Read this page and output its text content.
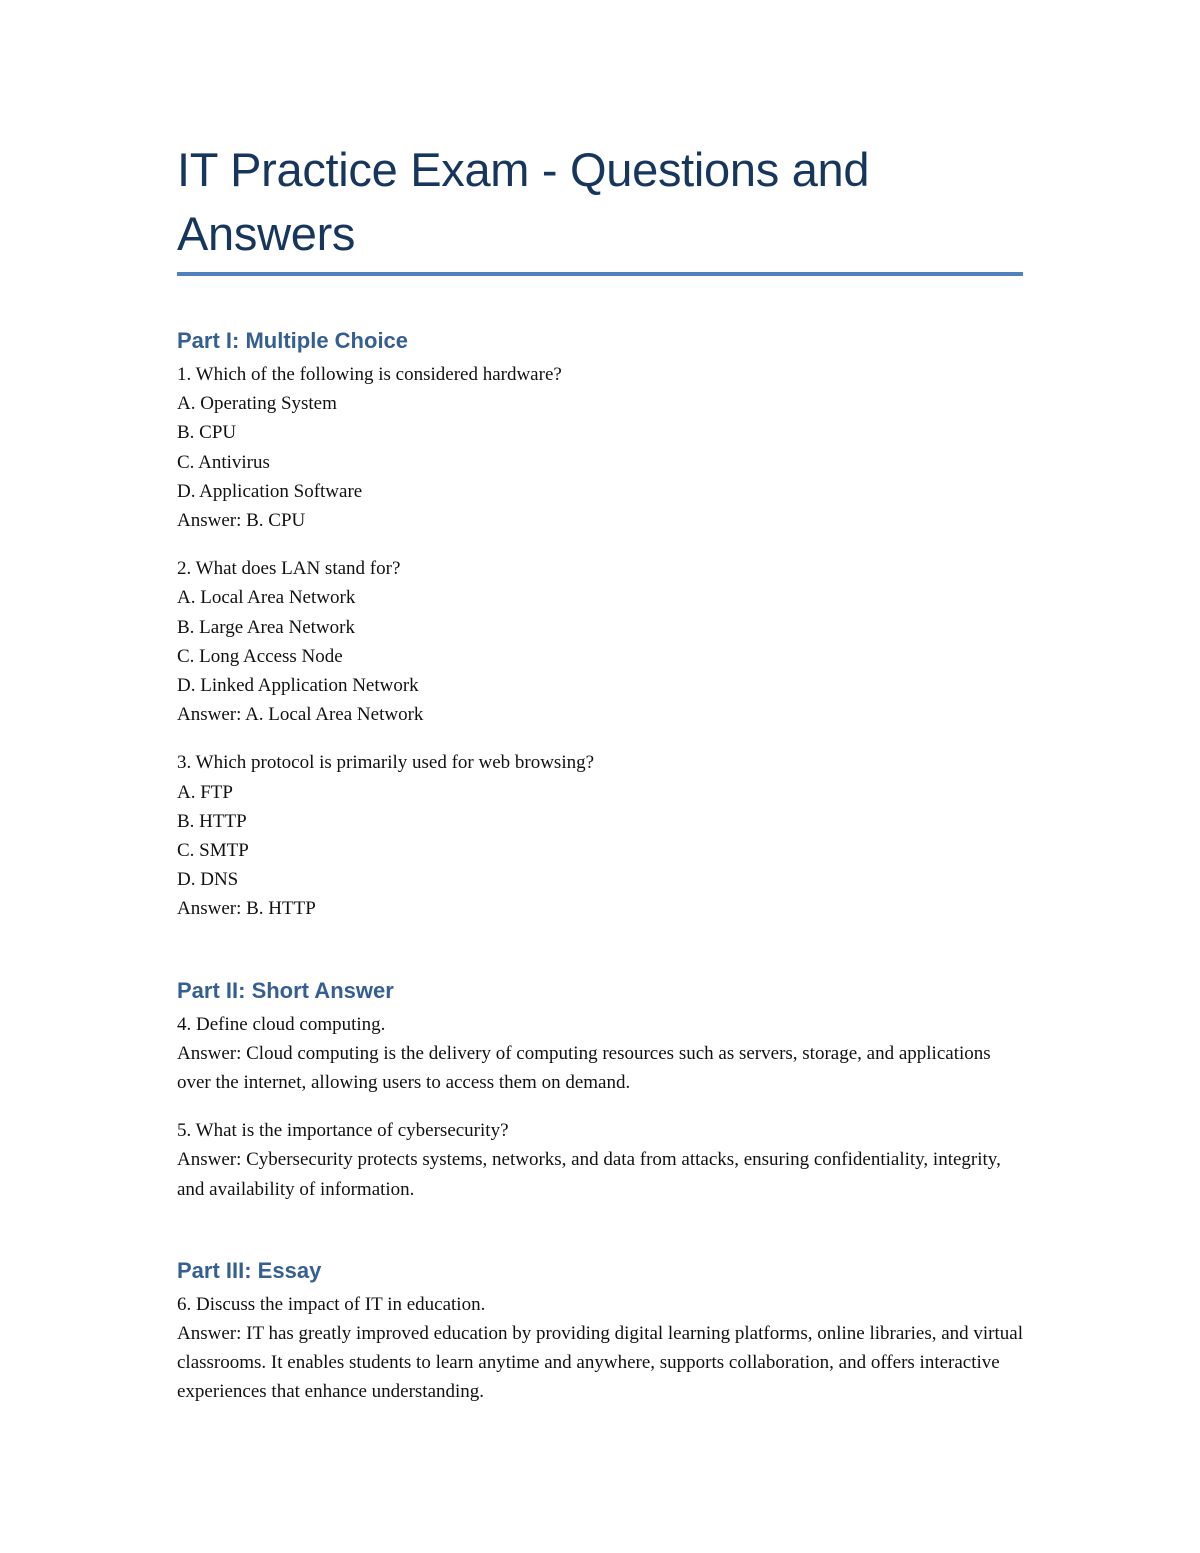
IT Practice Exam - Questions and Answers
Part I: Multiple Choice
1. Which of the following is considered hardware?
A. Operating System
B. CPU
C. Antivirus
D. Application Software
Answer: B. CPU
2. What does LAN stand for?
A. Local Area Network
B. Large Area Network
C. Long Access Node
D. Linked Application Network
Answer: A. Local Area Network
3. Which protocol is primarily used for web browsing?
A. FTP
B. HTTP
C. SMTP
D. DNS
Answer: B. HTTP
Part II: Short Answer
4. Define cloud computing.
Answer: Cloud computing is the delivery of computing resources such as servers, storage, and applications over the internet, allowing users to access them on demand.
5. What is the importance of cybersecurity?
Answer: Cybersecurity protects systems, networks, and data from attacks, ensuring confidentiality, integrity, and availability of information.
Part III: Essay
6. Discuss the impact of IT in education.
Answer: IT has greatly improved education by providing digital learning platforms, online libraries, and virtual classrooms. It enables students to learn anytime and anywhere, supports collaboration, and offers interactive experiences that enhance understanding.
